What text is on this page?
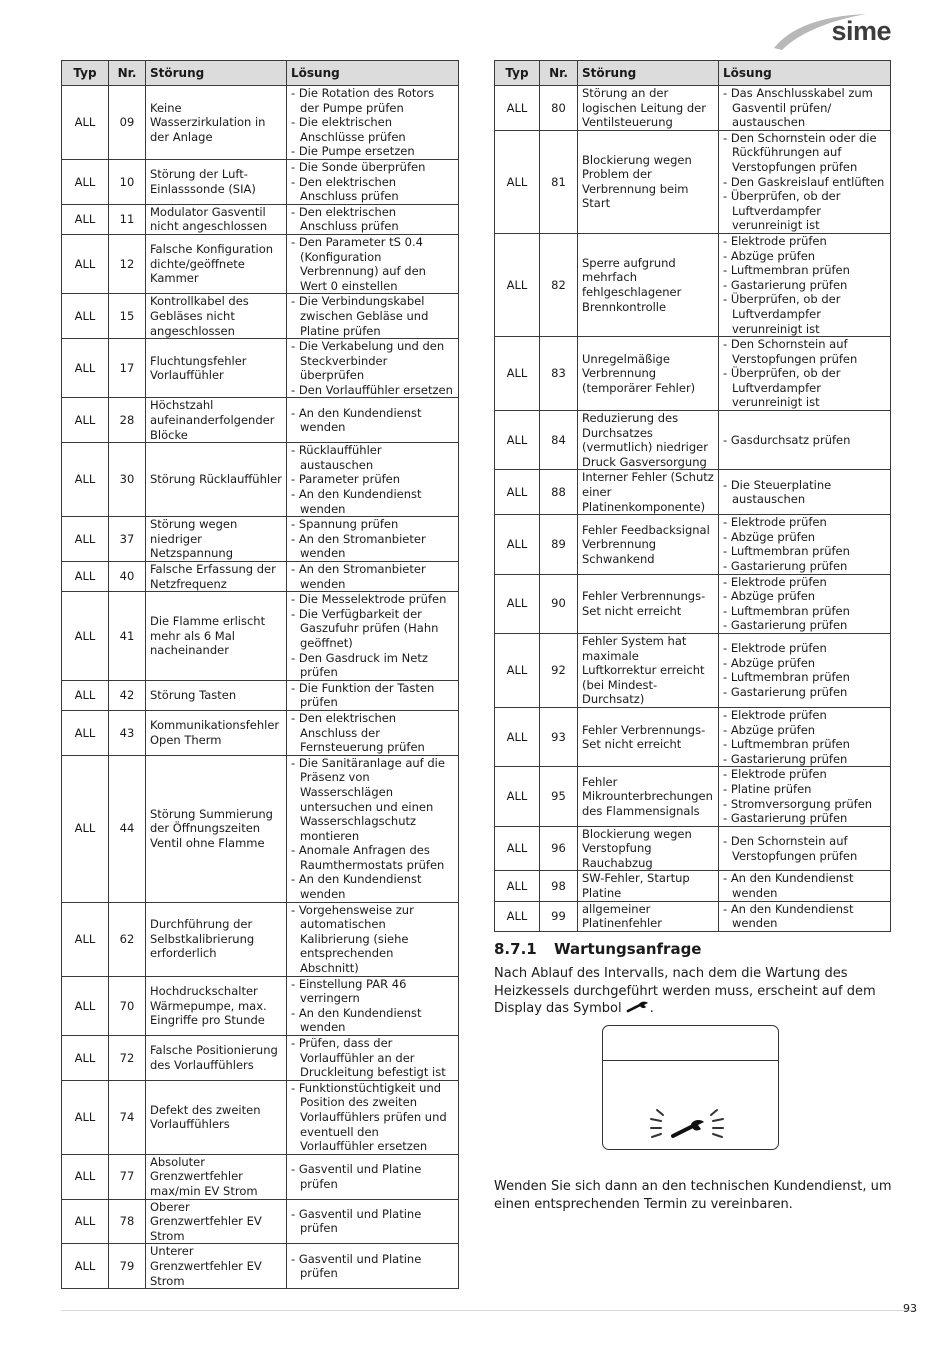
sime
Typ	Nr.	Störung	Lösung
ALL	09	Keine Wasserzirkulation in der Anlage	- Die Rotation des Rotors der Pumpe prüfen
- Die elektrischen Anschlüsse prüfen
- Die Pumpe ersetzen

ALL	10	Störung der Luft-Einlasssonde (SIA)	- Die Sonde überprüfen
- Den elektrischen Anschluss prüfen

ALL	11	Modulator Gasventil nicht angeschlossen	- Den elektrischen Anschluss prüfen

ALL	12	Falsche Konfiguration dichte/geöffnete Kammer	- Den Parameter tS 0.4 (Konfiguration Verbrennung) auf den Wert 0 einstellen

ALL	15	Kontrollkabel des Gebläses nicht angeschlossen	- Die Verbindungskabel zwischen Gebläse und Platine prüfen

ALL	17	Fluchtungsfehler Vorlauffühler	- Die Verkabelung und den Steckverbinder überprüfen
- Den Vorlauffühler ersetzen

ALL	28	Höchstzahl aufeinanderfolgender Blöcke	- An den Kundendienst wenden

ALL	30	Störung Rücklauffühler	- Rücklauffühler austauschen
- Parameter prüfen
- An den Kundendienst wenden

ALL	37	Störung wegen niedriger Netzspannung	- Spannung prüfen
- An den Stromanbieter wenden

ALL	40	Falsche Erfassung der Netzfrequenz	- An den Stromanbieter wenden

ALL	41	Die Flamme erlischt mehr als 6 Mal nacheinander	- Die Messelektrode prüfen
- Die Verfügbarkeit der Gaszufuhr prüfen (Hahn geöffnet)
- Den Gasdruck im Netz prüfen

ALL	42	Störung Tasten	- Die Funktion der Tasten prüfen

ALL	43	Kommunikationsfehler Open Therm	- Den elektrischen Anschluss der Fernsteuerung prüfen

ALL	44	Störung Summierung der Öffnungszeiten Ventil ohne Flamme	- Die Sanitäranlage auf die Präsenz von Wasserschlägen untersuchen und einen Wasserschlagschutz montieren
- Anomale Anfragen des Raumthermostats prüfen
- An den Kundendienst wenden

ALL	62	Durchführung der Selbstkalibrierung erforderlich	- Vorgehensweise zur automatischen Kalibrierung (siehe entsprechenden Abschnitt)

ALL	70	Hochdruckschalter Wärmepumpe, max. Eingriffe pro Stunde	- Einstellung PAR 46 verringern
- An den Kundendienst wenden

ALL	72	Falsche Positionierung des Vorlauffühlers	- Prüfen, dass der Vorlauffühler an der Druckleitung befestigt ist

ALL	74	Defekt des zweiten Vorlauffühlers	- Funktionstüchtigkeit und Position des zweiten Vorlauffühlers prüfen und eventuell den Vorlauffühler ersetzen

ALL	77	Absoluter Grenzwertfehler max/min EV Strom	- Gasventil und Platine prüfen

ALL	78	Oberer Grenzwertfehler EV Strom	- Gasventil und Platine prüfen

ALL	79	Unterer Grenzwertfehler EV Strom	- Gasventil und Platine prüfen
Typ	Nr.	Störung	Lösung
ALL	80	Störung an der logischen Leitung der Ventilsteuerung	- Das Anschlusskabel zum Gasventil prüfen/ austauschen

ALL	81	Blockierung wegen Problem der Verbrennung beim Start	- Den Schornstein oder die Rückführungen auf Verstopfungen prüfen
- Den Gaskreislauf entlüften
- Überprüfen, ob der Luftverdampfer verunreinigt ist

ALL	82	Sperre aufgrund mehrfach fehlgeschlagener Brennkontrolle	- Elektrode prüfen
- Abzüge prüfen
- Luftmembran prüfen
- Gastarierung prüfen
- Überprüfen, ob der Luftverdampfer verunreinigt ist

ALL	83	Unregelmäßige Verbrennung (temporärer Fehler)	- Den Schornstein auf Verstopfungen prüfen
- Überprüfen, ob der Luftverdampfer verunreinigt ist

ALL	84	Reduzierung des Durchsatzes (vermutlich) niedriger Druck Gasversorgung	- Gasdurchsatz prüfen

ALL	88	Interner Fehler (Schutz einer Platinenkomponente)	- Die Steuerplatine austauschen

ALL	89	Fehler Feedbacksignal Verbrennung Schwankend	- Elektrode prüfen
- Abzüge prüfen
- Luftmembran prüfen
- Gastarierung prüfen

ALL	90	Fehler Verbrennungs-Set nicht erreicht	- Elektrode prüfen
- Abzüge prüfen
- Luftmembran prüfen
- Gastarierung prüfen

ALL	92	Fehler System hat maximale Luftkorrektur erreicht (bei Mindest-Durchsatz)	- Elektrode prüfen
- Abzüge prüfen
- Luftmembran prüfen
- Gastarierung prüfen

ALL	93	Fehler Verbrennungs-Set nicht erreicht	- Elektrode prüfen
- Abzüge prüfen
- Luftmembran prüfen
- Gastarierung prüfen

ALL	95	Fehler Mikrounterbrechungen des Flammensignals	- Elektrode prüfen
- Platine prüfen
- Stromversorgung prüfen
- Gastarierung prüfen

ALL	96	Blockierung wegen Verstopfung Rauchabzug	- Den Schornstein auf Verstopfungen prüfen

ALL	98	SW-Fehler, Startup Platine	- An den Kundendienst wenden

ALL	99	allgemeiner Platinenfehler	- An den Kundendienst wenden
8.7.1 Wartungsanfrage
Nach Ablauf des Intervalls, nach dem die Wartung des Heizkessels durchgeführt werden muss, erscheint auf dem Display das Symbol .
Wenden Sie sich dann an den technischen Kundendienst, um einen entsprechenden Termin zu vereinbaren.
93
